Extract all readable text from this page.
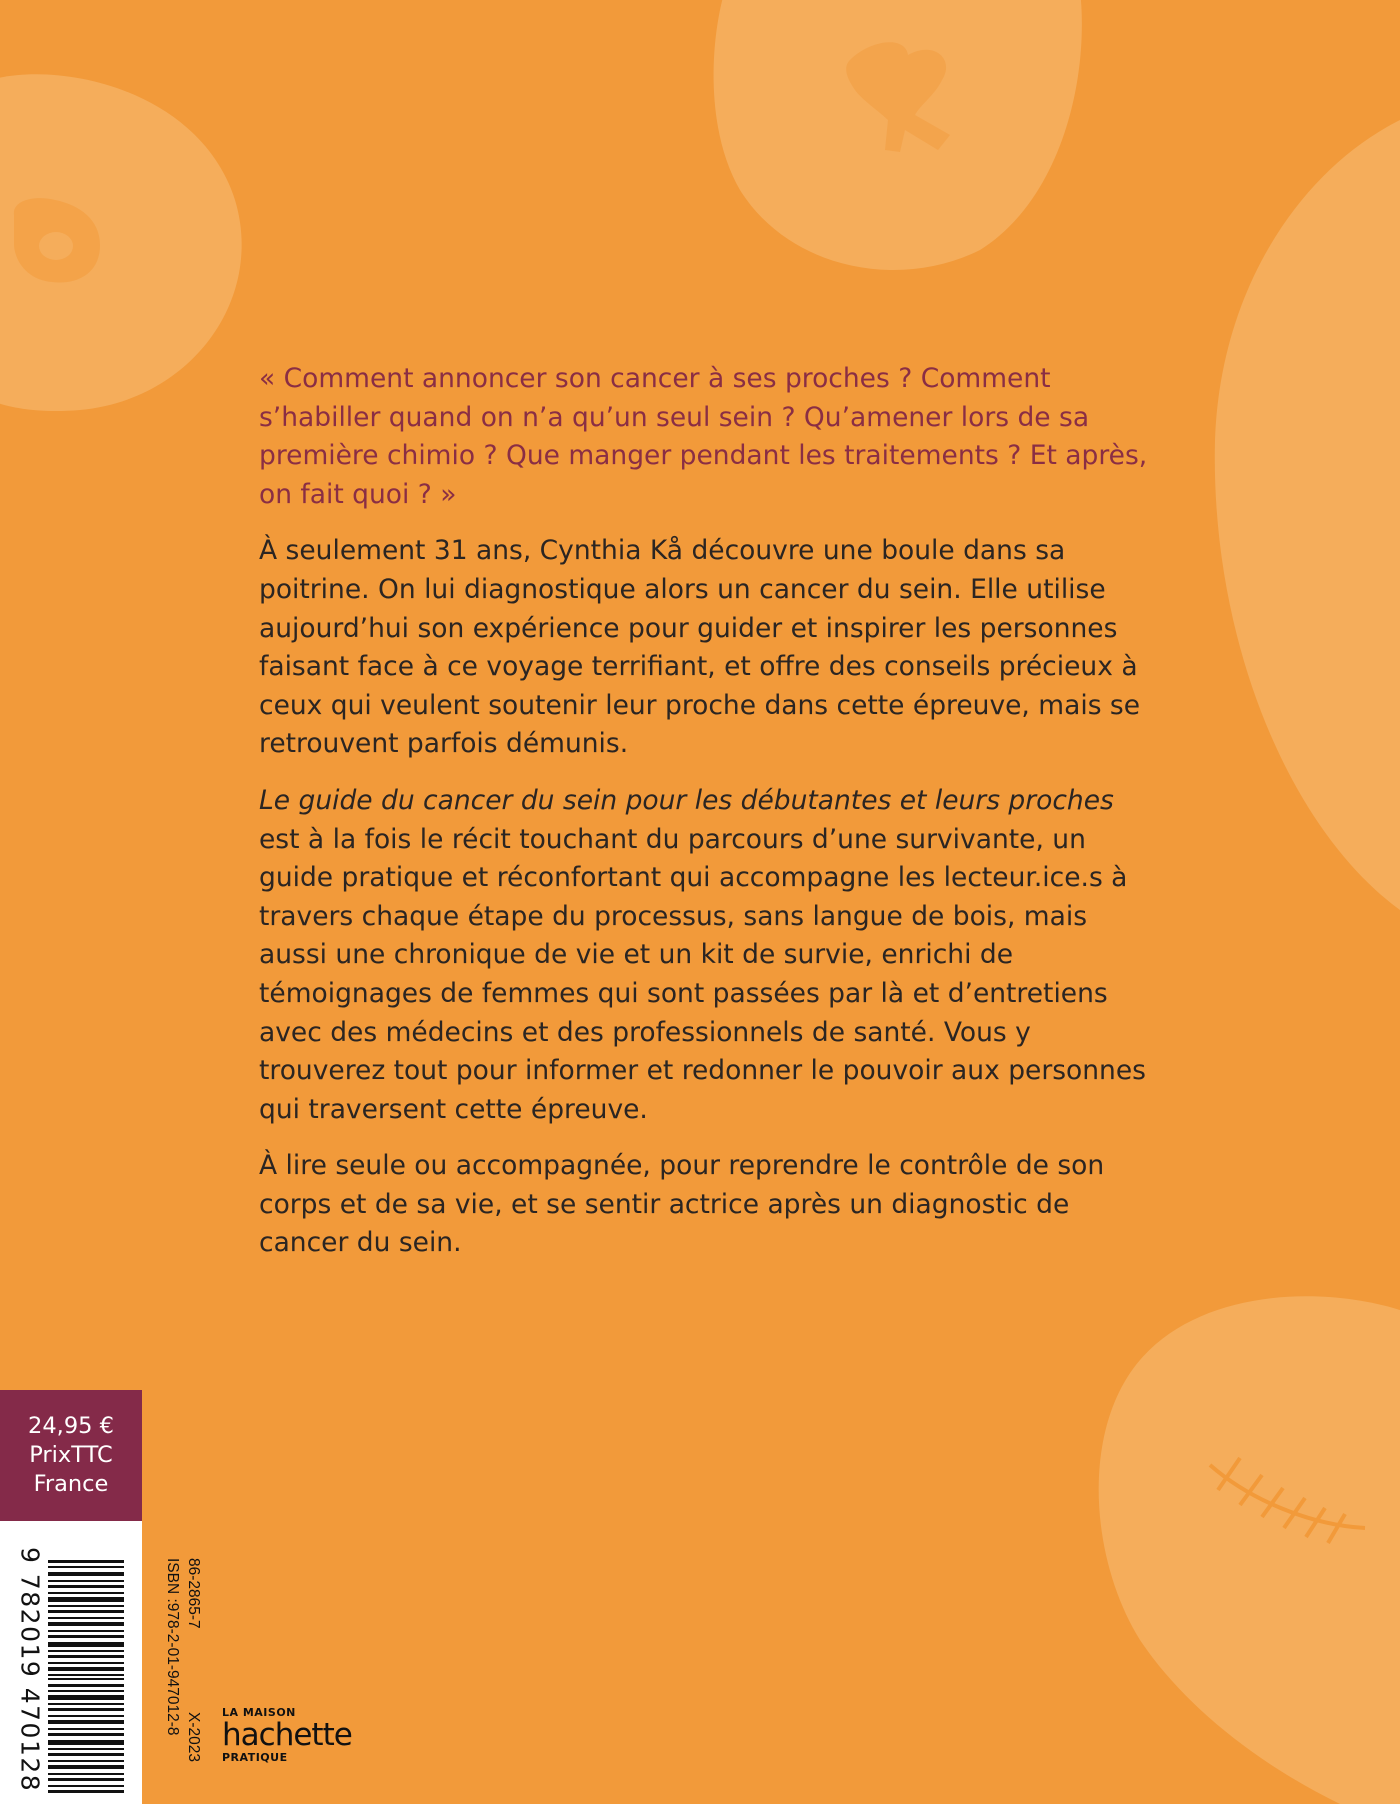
« Comment annoncer son cancer à ses proches ? Comment s’habiller quand on n’a qu’un seul sein ? Qu’amener lors de sa première chimio ? Que manger pendant les traitements ? Et après, on fait quoi ? »

À seulement 31 ans, Cynthia Kå découvre une boule dans sa poitrine. On lui diagnostique alors un cancer du sein. Elle utilise aujourd’hui son expérience pour guider et inspirer les personnes faisant face à ce voyage terrifiant, et offre des conseils précieux à ceux qui veulent soutenir leur proche dans cette épreuve, mais se retrouvent parfois démunis.

Le guide du cancer du sein pour les débutantes et leurs proches est à la fois le récit touchant du parcours d’une survivante, un guide pratique et réconfortant qui accompagne les lecteur.ice.s à travers chaque étape du processus, sans langue de bois, mais aussi une chronique de vie et un kit de survie, enrichi de témoignages de femmes qui sont passées par là et d’entretiens avec des médecins et des professionnels de santé. Vous y trouverez tout pour informer et redonner le pouvoir aux personnes qui traversent cette épreuve.

À lire seule ou accompagnée, pour reprendre le contrôle de son corps et de sa vie, et se sentir actrice après un diagnostic de cancer du sein.

24,95 €
PrixTTC
France
9 782019 470128	86-2865-7
ISBN :978-2-01-947012-8
X-2023 LA MAISON
hachette
PRATIQUE
